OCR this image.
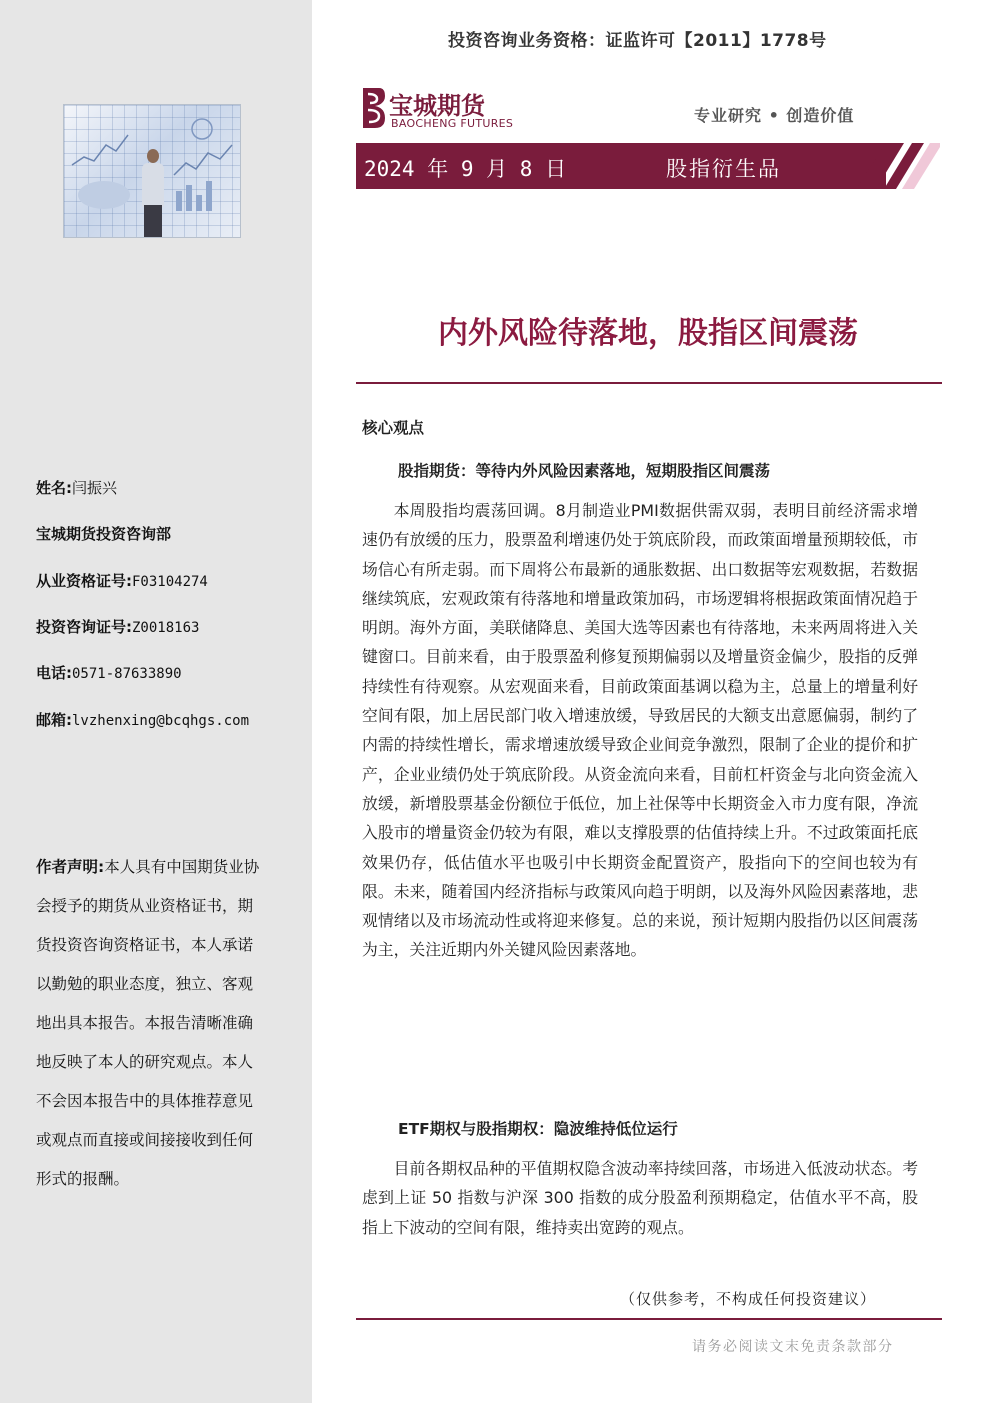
姓名:闫振兴
宝城期货投资咨询部
从业资格证号:F03104274
投资咨询证号:Z0018163
电话:0571-87633890
邮箱:lvzhenxing@bcqhgs.com
作者声明:本人具有中国期货业协会授予的期货从业资格证书，期货投资咨询资格证书，本人承诺以勤勉的职业态度，独立、客观地出具本报告。本报告清晰准确地反映了本人的研究观点。本人不会因本报告中的具体推荐意见或观点而直接或间接接收到任何形式的报酬。
投资咨询业务资格：证监许可【2011】1778号
宝城期货
BAOCHENG FUTURES	专业研究 • 创造价值
2024 年 9 月 8 日	股指衍生品
内外风险待落地，股指区间震荡
核心观点
股指期货：等待内外风险因素落地，短期股指区间震荡
本周股指均震荡回调。8月制造业PMI数据供需双弱，表明目前经济需求增速仍有放缓的压力，股票盈利增速仍处于筑底阶段，而政策面增量预期较低，市场信心有所走弱。而下周将公布最新的通胀数据、出口数据等宏观数据，若数据继续筑底，宏观政策有待落地和增量政策加码，市场逻辑将根据政策面情况趋于明朗。海外方面，美联储降息、美国大选等因素也有待落地，未来两周将进入关键窗口。目前来看，由于股票盈利修复预期偏弱以及增量资金偏少，股指的反弹持续性有待观察。从宏观面来看，目前政策面基调以稳为主，总量上的增量利好空间有限，加上居民部门收入增速放缓，导致居民的大额支出意愿偏弱，制约了内需的持续性增长，需求增速放缓导致企业间竞争激烈，限制了企业的提价和扩产，企业业绩仍处于筑底阶段。从资金流向来看，目前杠杆资金与北向资金流入放缓，新增股票基金份额位于低位，加上社保等中长期资金入市力度有限，净流入股市的增量资金仍较为有限，难以支撑股票的估值持续上升。不过政策面托底效果仍存，低估值水平也吸引中长期资金配置资产，股指向下的空间也较为有限。未来，随着国内经济指标与政策风向趋于明朗，以及海外风险因素落地，悲观情绪以及市场流动性或将迎来修复。总的来说，预计短期内股指仍以区间震荡为主，关注近期内外关键风险因素落地。
ETF期权与股指期权：隐波维持低位运行
目前各期权品种的平值期权隐含波动率持续回落，市场进入低波动状态。考虑到上证 50 指数与沪深 300 指数的成分股盈利预期稳定，估值水平不高，股指上下波动的空间有限，维持卖出宽跨的观点。
（仅供参考，不构成任何投资建议）
请务必阅读文末免责条款部分
